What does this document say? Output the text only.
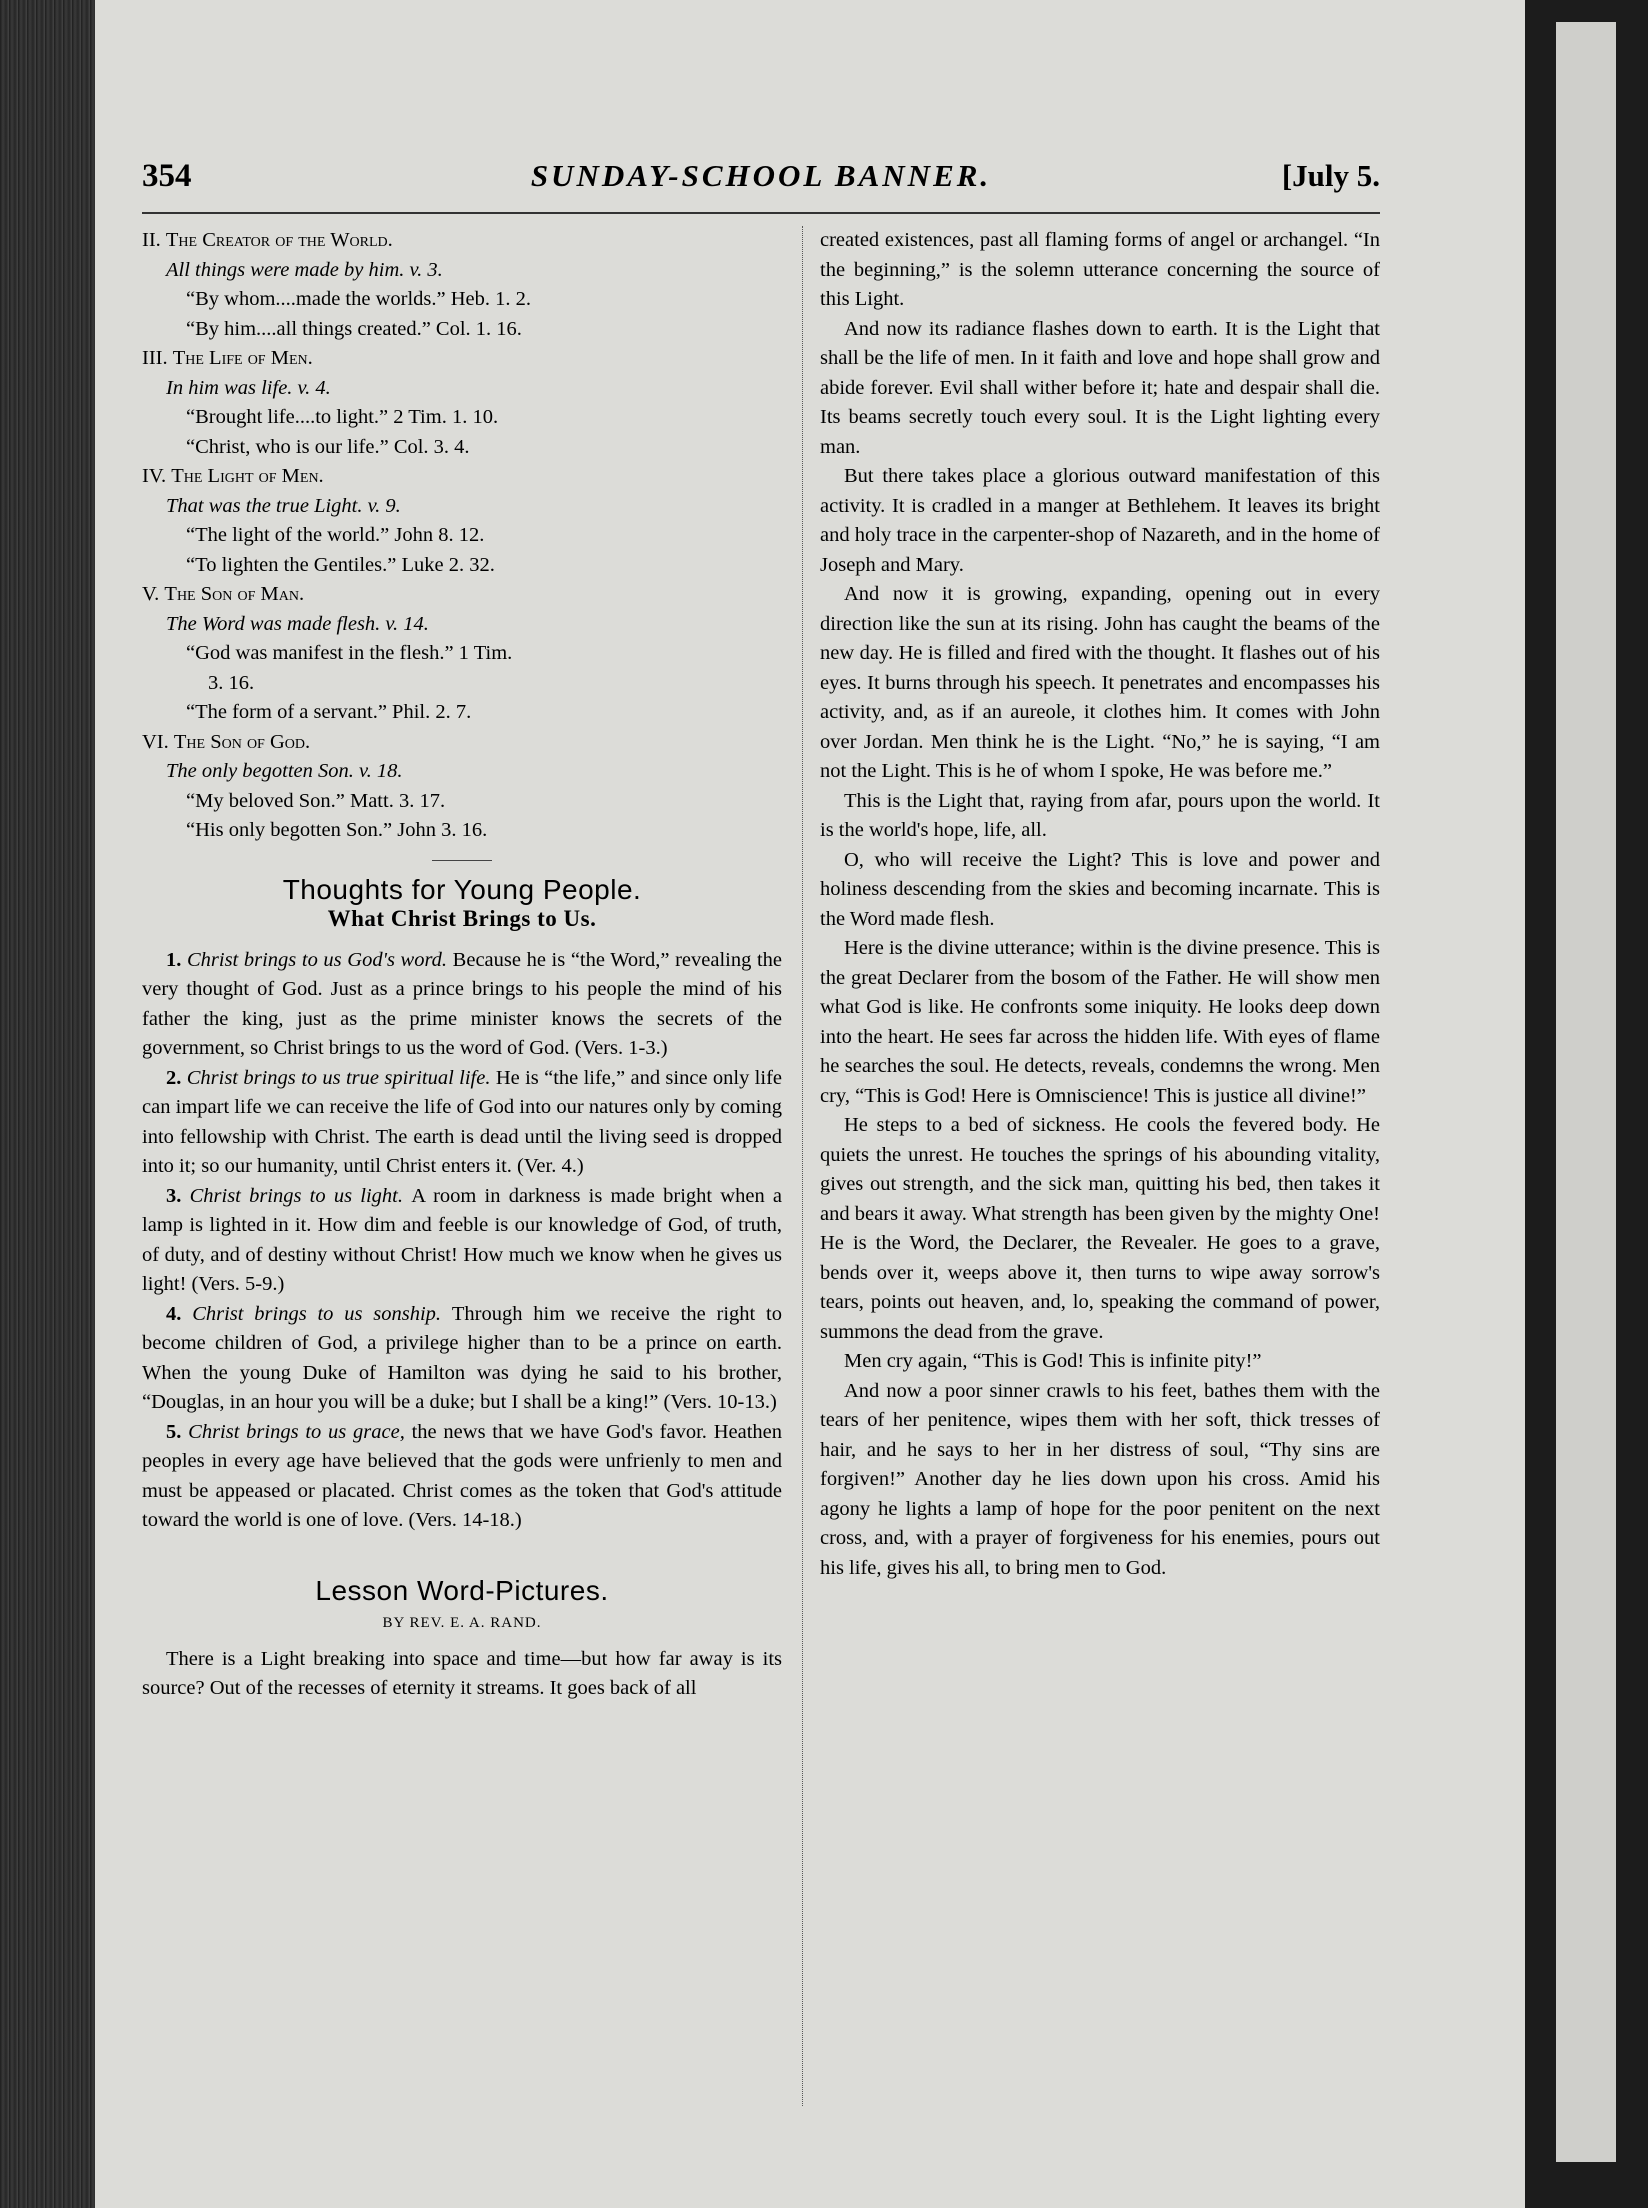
354	SUNDAY-SCHOOL BANNER.	[July 5.
II. The Creator of the World.
All things were made by him. v. 3.
“By whom....made the worlds.” Heb. 1. 2.
“By him....all things created.” Col. 1. 16.
III. The Life of Men.
In him was life. v. 4.
“Brought life....to light.” 2 Tim. 1. 10.
“Christ, who is our life.” Col. 3. 4.
IV. The Light of Men.
That was the true Light. v. 9.
“The light of the world.” John 8. 12.
“To lighten the Gentiles.” Luke 2. 32.
V. The Son of Man.
The Word was made flesh. v. 14.
“God was manifest in the flesh.” 1 Tim.
3. 16.
“The form of a servant.” Phil. 2. 7.
VI. The Son of God.
The only begotten Son. v. 18.
“My beloved Son.” Matt. 3. 17.
“His only begotten Son.” John 3. 16.
Thoughts for Young People.
What Christ Brings to Us.

1. Christ brings to us God's word. Because he is “the Word,” revealing the very thought of God. Just as a prince brings to his people the mind of his father the king, just as the prime minister knows the secrets of the government, so Christ brings to us the word of God. (Vers. 1-3.)

2. Christ brings to us true spiritual life. He is “the life,” and since only life can impart life we can receive the life of God into our natures only by coming into fellowship with Christ. The earth is dead until the living seed is dropped into it; so our humanity, until Christ enters it. (Ver. 4.)

3. Christ brings to us light. A room in darkness is made bright when a lamp is lighted in it. How dim and feeble is our knowledge of God, of truth, of duty, and of destiny without Christ! How much we know when he gives us light! (Vers. 5-9.)

4. Christ brings to us sonship. Through him we receive the right to become children of God, a privilege higher than to be a prince on earth. When the young Duke of Hamilton was dying he said to his brother, “Douglas, in an hour you will be a duke; but I shall be a king!” (Vers. 10-13.)

5. Christ brings to us grace, the news that we have God's favor. Heathen peoples in every age have believed that the gods were unfrienly to men and must be appeased or placated. Christ comes as the token that God's attitude toward the world is one of love. (Vers. 14-18.)

Lesson Word-Pictures.
BY REV. E. A. RAND.

There is a Light breaking into space and time—but how far away is its source? Out of the recesses of eternity it streams. It goes back of all

created existences, past all flaming forms of angel or archangel. “In the beginning,” is the solemn utterance concerning the source of this Light.

And now its radiance flashes down to earth. It is the Light that shall be the life of men. In it faith and love and hope shall grow and abide forever. Evil shall wither before it; hate and despair shall die. Its beams secretly touch every soul. It is the Light lighting every man.

But there takes place a glorious outward manifestation of this activity. It is cradled in a manger at Bethlehem. It leaves its bright and holy trace in the carpenter-shop of Nazareth, and in the home of Joseph and Mary.

And now it is growing, expanding, opening out in every direction like the sun at its rising. John has caught the beams of the new day. He is filled and fired with the thought. It flashes out of his eyes. It burns through his speech. It penetrates and encompasses his activity, and, as if an aureole, it clothes him. It comes with John over Jordan. Men think he is the Light. “No,” he is saying, “I am not the Light. This is he of whom I spoke, He was before me.”

This is the Light that, raying from afar, pours upon the world. It is the world's hope, life, all.

O, who will receive the Light? This is love and power and holiness descending from the skies and becoming incarnate. This is the Word made flesh.

Here is the divine utterance; within is the divine presence. This is the great Declarer from the bosom of the Father. He will show men what God is like. He confronts some iniquity. He looks deep down into the heart. He sees far across the hidden life. With eyes of flame he searches the soul. He detects, reveals, condemns the wrong. Men cry, “This is God! Here is Omniscience! This is justice all divine!”

He steps to a bed of sickness. He cools the fevered body. He quiets the unrest. He touches the springs of his abounding vitality, gives out strength, and the sick man, quitting his bed, then takes it and bears it away. What strength has been given by the mighty One! He is the Word, the Declarer, the Revealer. He goes to a grave, bends over it, weeps above it, then turns to wipe away sorrow's tears, points out heaven, and, lo, speaking the command of power, summons the dead from the grave.

Men cry again, “This is God! This is infinite pity!”

And now a poor sinner crawls to his feet, bathes them with the tears of her penitence, wipes them with her soft, thick tresses of hair, and he says to her in her distress of soul, “Thy sins are forgiven!” Another day he lies down upon his cross. Amid his agony he lights a lamp of hope for the poor penitent on the next cross, and, with a prayer of forgiveness for his enemies, pours out his life, gives his all, to bring men to God.
